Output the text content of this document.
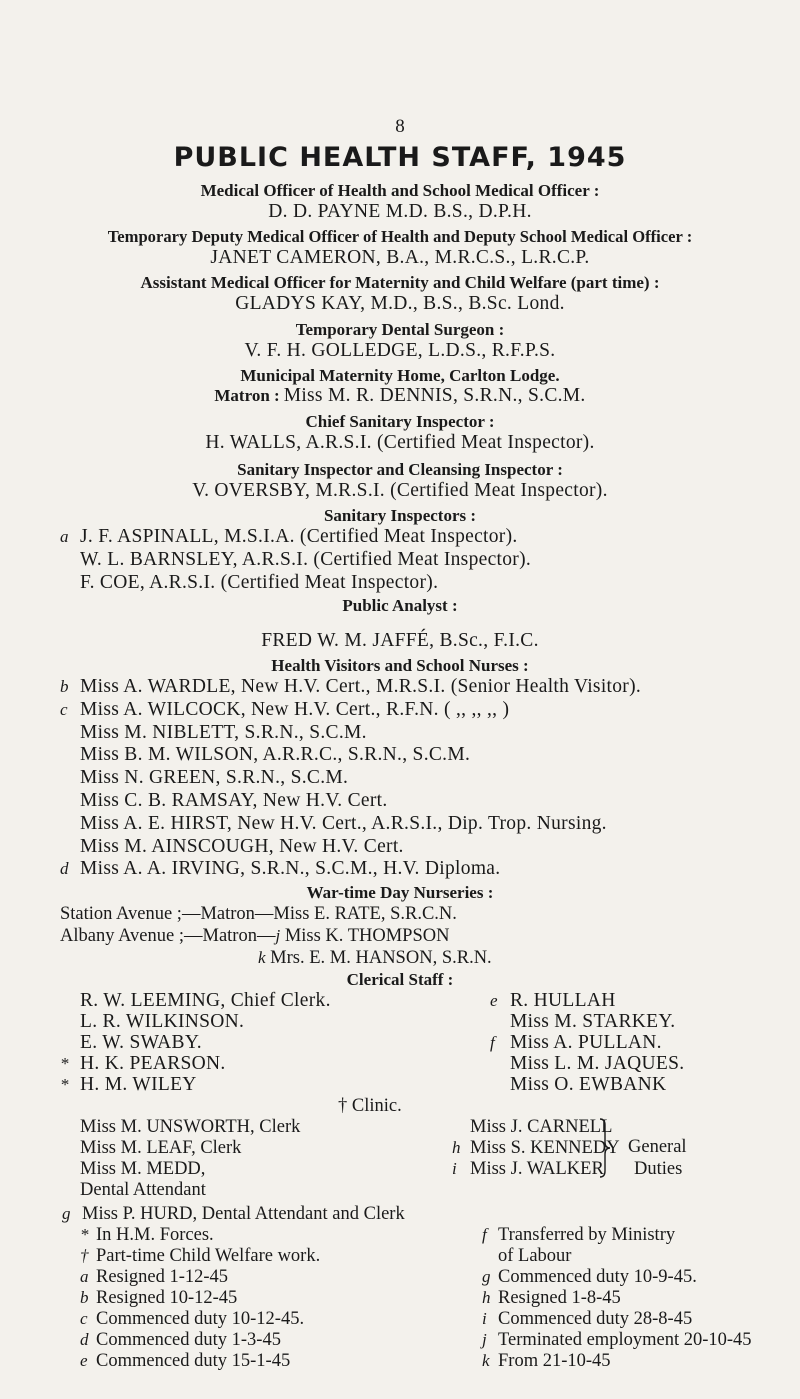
8
PUBLIC HEALTH STAFF, 1945
Medical Officer of Health and School Medical Officer :
D. D. PAYNE M.D. B.S., D.P.H.
Temporary Deputy Medical Officer of Health and Deputy School Medical Officer :
JANET CAMERON, B.A., M.R.C.S., L.R.C.P.
Assistant Medical Officer for Maternity and Child Welfare (part time) :
GLADYS KAY, M.D., B.S., B.Sc. Lond.
Temporary Dental Surgeon :
V. F. H. GOLLEDGE, L.D.S., R.F.P.S.
Municipal Maternity Home, Carlton Lodge.
Matron : Miss M. R. DENNIS, S.R.N., S.C.M.
Chief Sanitary Inspector :
H. WALLS, A.R.S.I. (Certified Meat Inspector).
Sanitary Inspector and Cleansing Inspector :
V. OVERSBY, M.R.S.I. (Certified Meat Inspector).
Sanitary Inspectors :
a J. F. ASPINALL, M.S.I.A. (Certified Meat Inspector).
W. L. BARNSLEY, A.R.S.I. (Certified Meat Inspector).
F. COE, A.R.S.I. (Certified Meat Inspector).
Public Analyst :
FRED W. M. JAFFÉ, B.Sc., F.I.C.
Health Visitors and School Nurses :
b Miss A. WARDLE, New H.V. Cert., M.R.S.I. (Senior Health Visitor).
c Miss A. WILCOCK, New H.V. Cert., R.F.N. ( ,, ,, ,, )
Miss M. NIBLETT, S.R.N., S.C.M.
Miss B. M. WILSON, A.R.R.C., S.R.N., S.C.M.
Miss N. GREEN, S.R.N., S.C.M.
Miss C. B. RAMSAY, New H.V. Cert.
Miss A. E. HIRST, New H.V. Cert., A.R.S.I., Dip. Trop. Nursing.
Miss M. AINSCOUGH, New H.V. Cert.
d Miss A. A. IRVING, S.R.N., S.C.M., H.V. Diploma.
War-time Day Nurseries :
Station Avenue ;—Matron—Miss E. RATE, S.R.C.N.
Albany Avenue ;—Matron—j Miss K. THOMPSON
k Mrs. E. M. HANSON, S.R.N.
Clerical Staff :
R. W. LEEMING, Chief Clerk.
L. R. WILKINSON.
E. W. SWABY.
* H. K. PEARSON.
* H. M. WILEY
e R. HULLAH
Miss M. STARKEY.
f Miss A. PULLAN.
Miss L. M. JAQUES.
Miss O. EWBANK
† Clinic.
Miss M. UNSWORTH, Clerk
Miss M. LEAF, Clerk
Miss M. MEDD,
Dental Attendant
Miss J. CARNELL
h Miss S. KENNEDY
i Miss J. WALKER
General
Duties
g Miss P. HURD, Dental Attendant and Clerk
* In H.M. Forces.
† Part-time Child Welfare work.
a Resigned 1-12-45
b Resigned 10-12-45
c Commenced duty 10-12-45.
d Commenced duty 1-3-45
e Commenced duty 15-1-45
f Transferred by Ministry
of Labour
g Commenced duty 10-9-45.
h Resigned 1-8-45
i Commenced duty 28-8-45
j Terminated employment 20-10-45
k From 21-10-45
